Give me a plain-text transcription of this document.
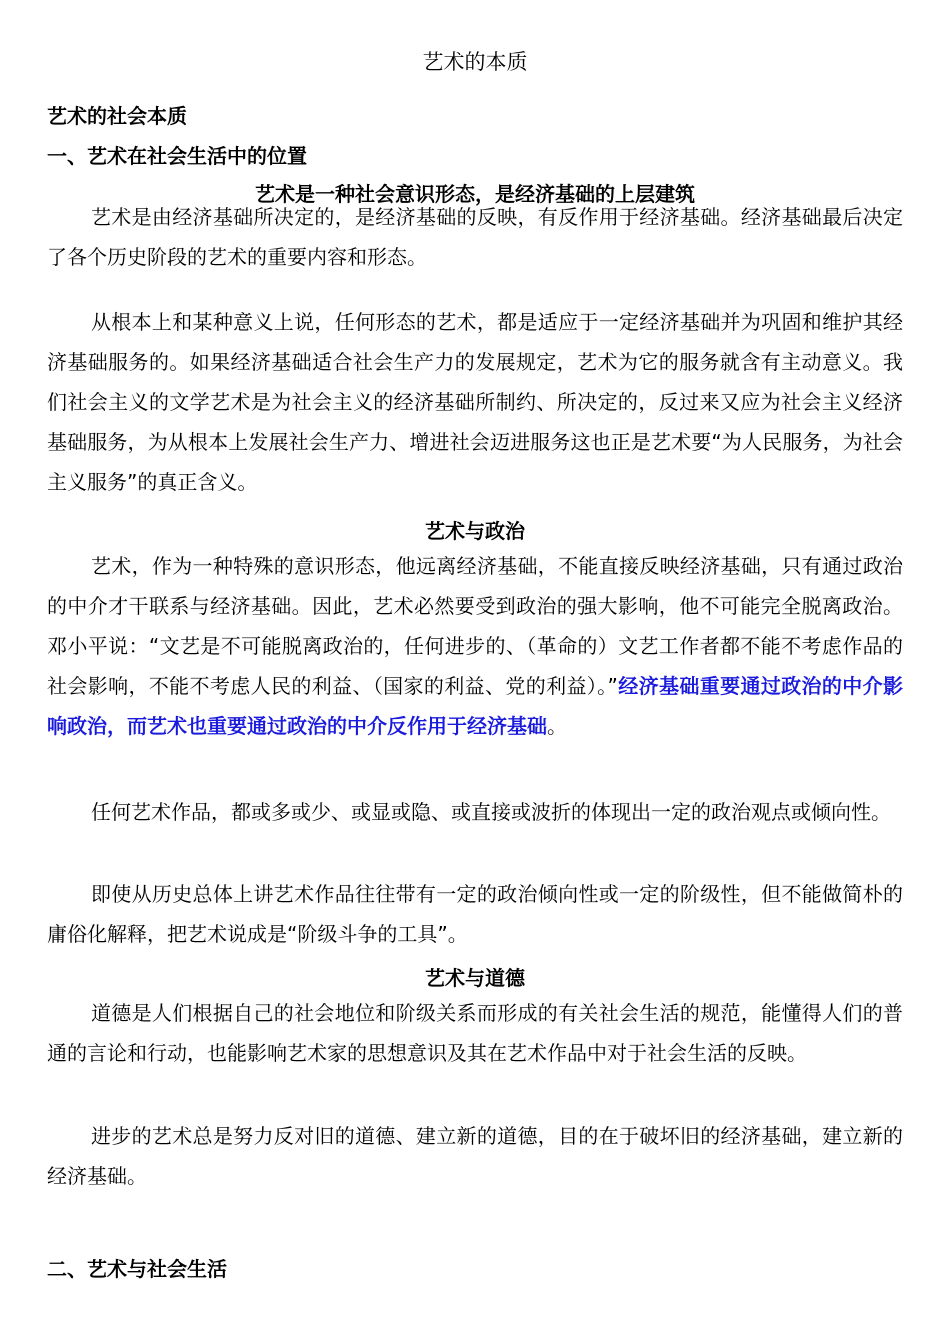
艺术的本质
艺术的社会本质
一、艺术在社会生活中的位置
艺术是一种社会意识形态，是经济基础的上层建筑

艺术是由经济基础所决定的，是经济基础的反映，有反作用于经济基础。经济基础最后决定了各个历史阶段的艺术的重要内容和形态。

从根本上和某种意义上说，任何形态的艺术，都是适应于一定经济基础并为巩固和维护其经济基础服务的。如果经济基础适合社会生产力的发展规定，艺术为它的服务就含有主动意义。我们社会主义的文学艺术是为社会主义的经济基础所制约、所决定的，反过来又应为社会主义经济基础服务，为从根本上发展社会生产力、增进社会迈进服务这也正是艺术要“为人民服务，为社会主义服务”的真正含义。

艺术与政治

艺术，作为一种特殊的意识形态，他远离经济基础，不能直接反映经济基础，只有通过政治的中介才干联系与经济基础。因此，艺术必然要受到政治的强大影响，他不可能完全脱离政治。邓小平说：“文艺是不可能脱离政治的，任何进步的、（革命的）文艺工作者都不能不考虑作品的社会影响，不能不考虑人民的利益、（国家的利益、党的利益）。”经济基础重要通过政治的中介影响政治，而艺术也重要通过政治的中介反作用于经济基础。

任何艺术作品，都或多或少、或显或隐、或直接或波折的体现出一定的政治观点或倾向性。

即使从历史总体上讲艺术作品往往带有一定的政治倾向性或一定的阶级性，但不能做简朴的庸俗化解释，把艺术说成是“阶级斗争的工具”。

艺术与道德

道德是人们根据自己的社会地位和阶级关系而形成的有关社会生活的规范，能懂得人们的普通的言论和行动，也能影响艺术家的思想意识及其在艺术作品中对于社会生活的反映。

进步的艺术总是努力反对旧的道德、建立新的道德，目的在于破坏旧的经济基础，建立新的经济基础。

二、艺术与社会生活
